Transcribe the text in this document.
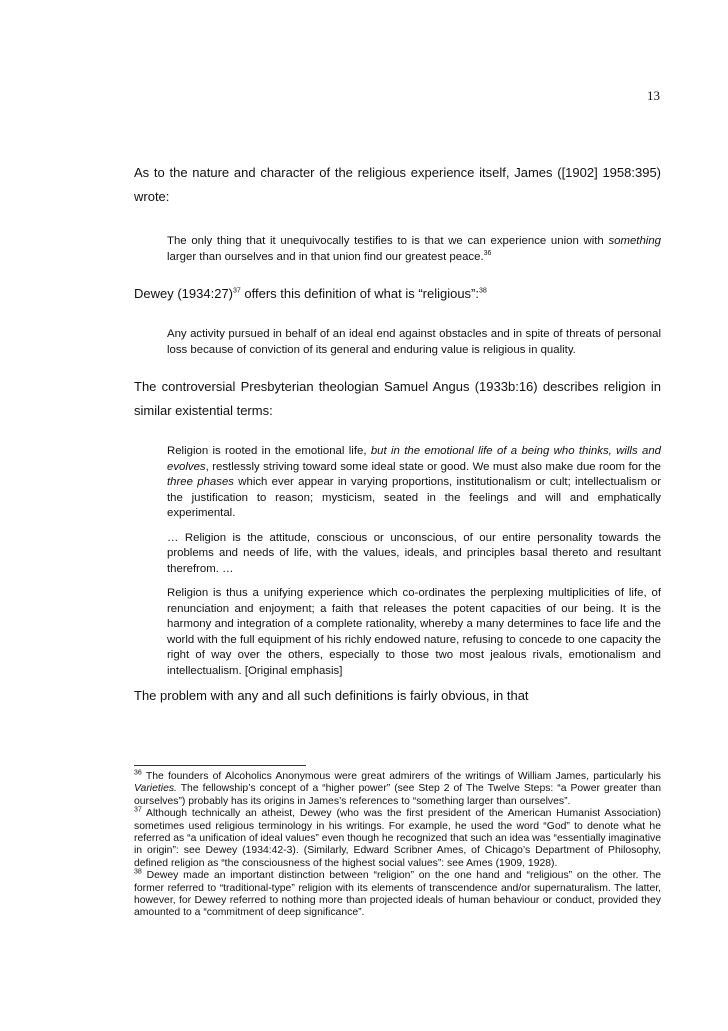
13
As to the nature and character of the religious experience itself, James ([1902] 1958:395) wrote:
The only thing that it unequivocally testifies to is that we can experience union with something larger than ourselves and in that union find our greatest peace.$^{36}$
Dewey (1934:27)$^{37}$ offers this definition of what is “religious”:$^{38}$
Any activity pursued in behalf of an ideal end against obstacles and in spite of threats of personal loss because of conviction of its general and enduring value is religious in quality.
The controversial Presbyterian theologian Samuel Angus (1933b:16) describes religion in similar existential terms:

Religion is rooted in the emotional life, but in the emotional life of a being who thinks, wills and evolves, restlessly striving toward some ideal state or good. We must also make due room for the three phases which ever appear in varying proportions, institutionalism or cult; intellectualism or the justification to reason; mysticism, seated in the feelings and will and emphatically experimental.

… Religion is the attitude, conscious or unconscious, of our entire personality towards the problems and needs of life, with the values, ideals, and principles basal thereto and resultant therefrom. …

Religion is thus a unifying experience which co-ordinates the perplexing multiplicities of life, of renunciation and enjoyment; a faith that releases the potent capacities of our being. It is the harmony and integration of a complete rationality, whereby a many determines to face life and the world with the full equipment of his richly endowed nature, refusing to concede to one capacity the right of way over the others, especially to those two most jealous rivals, emotionalism and intellectualism. [Original emphasis]

The problem with any and all such definitions is fairly obvious, in that

$^{36}$ The founders of Alcoholics Anonymous were great admirers of the writings of William James, particularly his Varieties. The fellowship’s concept of a “higher power” (see Step 2 of The Twelve Steps: “a Power greater than ourselves”) probably has its origins in James’s references to “something larger than ourselves”.

$^{37}$ Although technically an atheist, Dewey (who was the first president of the American Humanist Association) sometimes used religious terminology in his writings. For example, he used the word “God” to denote what he referred as “a unification of ideal values” even though he recognized that such an idea was “essentially imaginative in origin”: see Dewey (1934:42-3). (Similarly, Edward Scribner Ames, of Chicago’s Department of Philosophy, defined religion as “the consciousness of the highest social values”: see Ames (1909, 1928).

$^{38}$ Dewey made an important distinction between “religion” on the one hand and “religious” on the other. The former referred to “traditional-type” religion with its elements of transcendence and/or supernaturalism. The latter, however, for Dewey referred to nothing more than projected ideals of human behaviour or conduct, provided they amounted to a “commitment of deep significance”.
